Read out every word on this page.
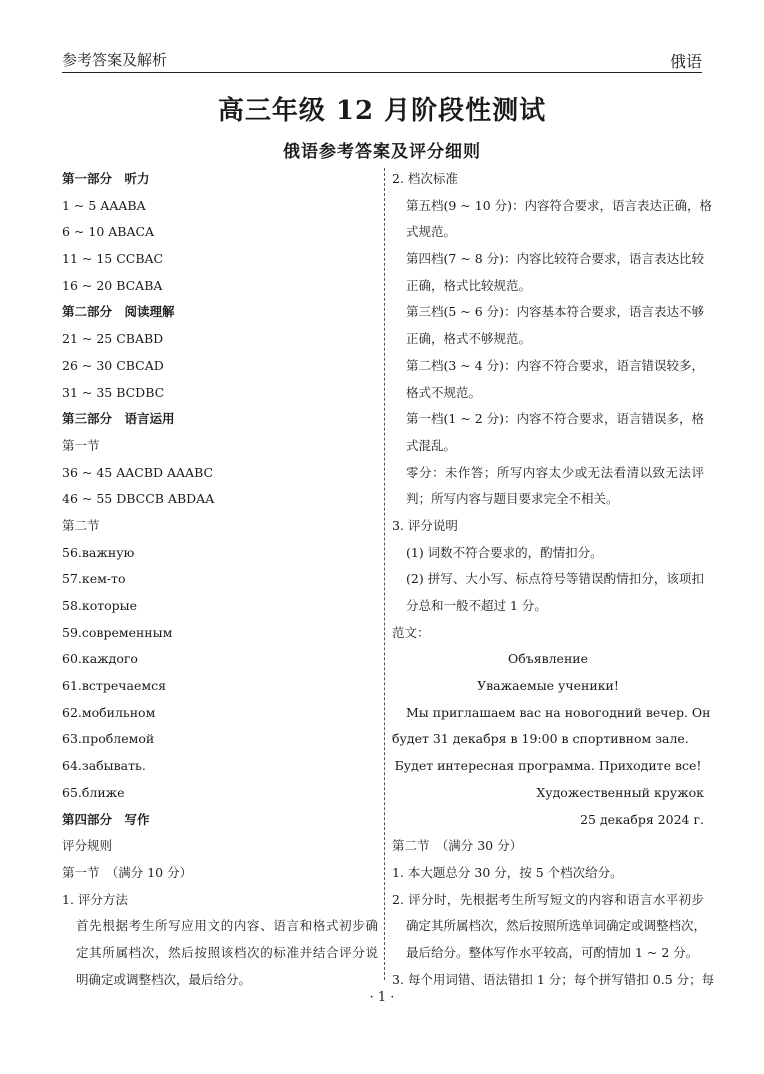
参考答案及解析	俄语
高三年级 12 月阶段性测试
俄语参考答案及评分细则
第一部分　听力
1 ~ 5 AAABA
6 ~ 10 ABACA
11 ~ 15 CCBAC
16 ~ 20 BCABA
第二部分　阅读理解
21 ~ 25 CBABD
26 ~ 30 CBCAD
31 ~ 35 BCDBC
第三部分　语言运用
第一节
36 ~ 45 AACBD AAABC
46 ~ 55 DBCCB ABDAA
第二节
56.важную
57.кем-то
58.которые
59.современным
60.каждого
61.встречаемся
62.мобильном
63.проблемой
64.забывать.
65.ближе
第四部分　写作
评分规则
第一节　（满分 10 分）
1. 评分方法
首先根据考生所写应用文的内容、语言和格式初步确
定其所属档次，然后按照该档次的标准并结合评分说
明确定或调整档次，最后给分。
2. 档次标准
第五档(9 ~ 10 分)：内容符合要求，语言表达正确，格
式规范。
第四档(7 ~ 8 分)：内容比较符合要求，语言表达比较
正确，格式比较规范。
第三档(5 ~ 6 分)：内容基本符合要求，语言表达不够
正确，格式不够规范。
第二档(3 ~ 4 分)：内容不符合要求，语言错误较多，
格式不规范。
第一档(1 ~ 2 分)：内容不符合要求，语言错误多，格
式混乱。
零分：未作答；所写内容太少或无法看清以致无法评
判；所写内容与题目要求完全不相关。
3. 评分说明
(1) 词数不符合要求的，酌情扣分。
(2) 拼写、大小写、标点符号等错误酌情扣分，该项扣
分总和一般不超过 1 分。
范文：
Объявление
Уважаемые ученики!
Мы приглашаем вас на новогодний вечер. Он
будет 31 декабря в 19:00 в спортивном зале.
Будет интересная программа. Приходите все!
Художественный кружок
25 декабря 2024 г.
第二节　（满分 30 分）
1. 本大题总分 30 分，按 5 个档次给分。
2. 评分时，先根据考生所写短文的内容和语言水平初步
确定其所属档次，然后按照所选单词确定或调整档次，
最后给分。整体写作水平较高，可酌情加 1 ~ 2 分。
3. 每个用词错、语法错扣 1 分；每个拼写错扣 0.5 分；每
· 1 ·
